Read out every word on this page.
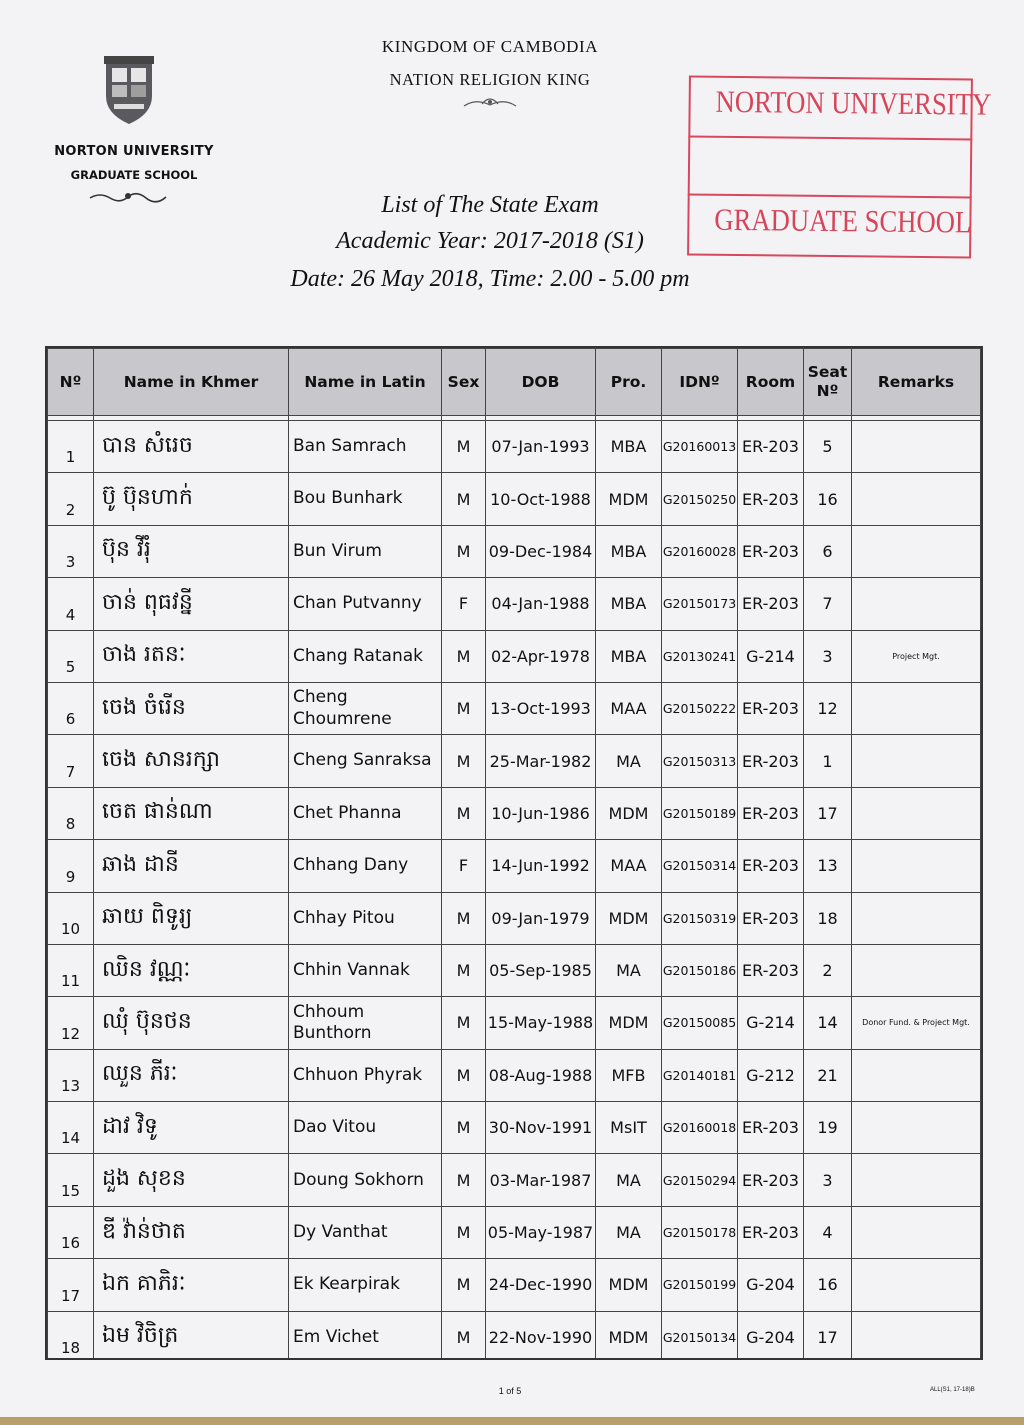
NORTON UNIVERSITY
GRADUATE SCHOOL
KINGDOM OF CAMBODIA
NATION RELIGION KING
NORTON UNIVERSITY
GRADUATE SCHOOL
List of The State Exam
Academic Year: 2017-2018 (S1)
Date: 26 May 2018, Time: 2.00 - 5.00 pm
Nº	Name in Khmer	Name in Latin	Sex	DOB	Pro.	IDNº	Room	Seat Nº	Remarks

1	បាន សំរេច	Ban Samrach	M	07-Jan-1993	MBA	G20160013	ER-203	5	
2	ប៊ូ ប៊ុនហាក់	Bou Bunhark	M	10-Oct-1988	MDM	G20150250	ER-203	16	
3	ប៊ុន វីរុំ	Bun Virum	M	09-Dec-1984	MBA	G20160028	ER-203	6	
4	ចាន់ ពុធវន្នី	Chan Putvanny	F	04-Jan-1988	MBA	G20150173	ER-203	7	
5	ចាង រតនៈ	Chang Ratanak	M	02-Apr-1978	MBA	G20130241	G-214	3	Project Mgt.
6	ចេង ចំរើន	Cheng Choumrene	M	13-Oct-1993	MAA	G20150222	ER-203	12	
7	ចេង សានរក្សា	Cheng Sanraksa	M	25-Mar-1982	MA	G20150313	ER-203	1	
8	ចេត ផាន់ណា	Chet Phanna	M	10-Jun-1986	MDM	G20150189	ER-203	17	
9	ឆាង ដានី	Chhang Dany	F	14-Jun-1992	MAA	G20150314	ER-203	13	
10	ឆាយ ពិទូរ្យ	Chhay Pitou	M	09-Jan-1979	MDM	G20150319	ER-203	18	
11	ឈិន វណ្ណៈ	Chhin Vannak	M	05-Sep-1985	MA	G20150186	ER-203	2	
12	ឈុំ ប៊ុនថន	Chhoum Bunthorn	M	15-May-1988	MDM	G20150085	G-214	14	Donor Fund. & Project Mgt.
13	ឈួន ភីរៈ	Chhuon Phyrak	M	08-Aug-1988	MFB	G20140181	G-212	21	
14	ដាវ វិទូ	Dao Vitou	M	30-Nov-1991	MsIT	G20160018	ER-203	19	
15	ដួង សុខន	Doung Sokhorn	M	03-Mar-1987	MA	G20150294	ER-203	3	
16	ឌី វ៉ាន់ថាត	Dy Vanthat	M	05-May-1987	MA	G20150178	ER-203	4	
17	ឯក គាភិរៈ	Ek Kearpirak	M	24-Dec-1990	MDM	G20150199	G-204	16	
18	ឯម វិចិត្រ	Em Vichet	M	22-Nov-1990	MDM	G20150134	G-204	17	

1 of 5	ALL(S1, 17-18)B
